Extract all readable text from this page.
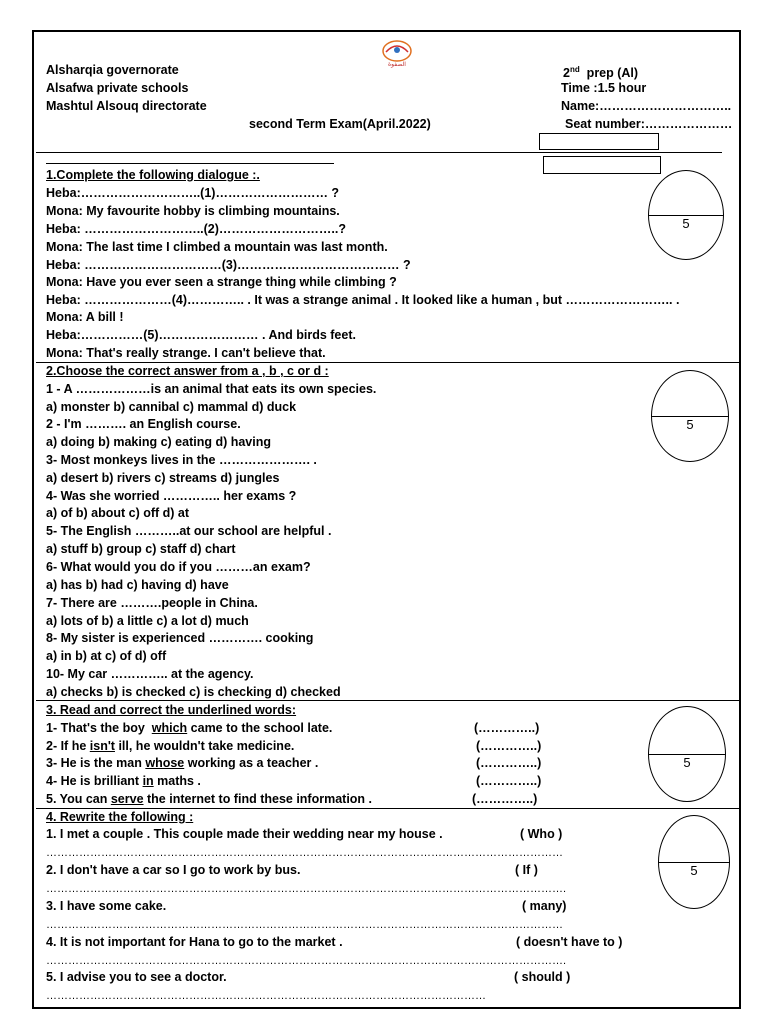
الصفوة
Alsharqia governorate
Alsafwa private schools
Mashtul Alsouq directorate
second Term Exam(April.2022)
2nd  prep (Al)
Time :1.5 hour
Name:…………………………..
Seat number:…………………
1.Complete the following dialogue :.
Heba:………………………..(1)……………………… ?
Mona: My favourite hobby is climbing mountains.
Heba: ………………………..(2)………………………..?
Mona: The last time I climbed a mountain was last month.
Heba: ……………………………(3)………………………………… ?
Mona: Have you ever seen a strange thing while climbing ?
Heba: …………………(4)………….. . It was a strange animal . It looked like a human , but …………………….. .
Mona: A bill !
Heba:……………(5)…………………… . And birds feet.
Mona: That's really strange. I can't believe that.
5
2.Choose the correct answer from a , b , c or d :
1 - A ………………is an animal that eats its own species.
a) monster b) cannibal c) mammal d) duck
2 - I'm ………. an English course.
a) doing b) making c) eating d) having
3- Most monkeys lives in the …………………. .
a) desert b) rivers c) streams d) jungles
4- Was she worried ………….. her exams ?
a) of b) about c) off d) at
5- The English ………..at our school are helpful .
a) stuff b) group c) staff d) chart
6- What would you do if you ………an exam?
a) has b) had c) having d) have
7- There are ……….people in China.
a) lots of b) a little c) a lot d) much
8- My sister is experienced …………. cooking
a) in b) at c) of d) off
10- My car ………….. at the agency.
a) checks b) is checked c) is checking d) checked
5
3. Read and correct the underlined words:
1- That's the boy  which came to the school late.	(…………..)
2- If he isn't ill, he wouldn't take medicine.	(…………..)
3- He is the man whose working as a teacher .	(…………..)
4- He is brilliant in maths .	(…………..)
5. You can serve the internet to find these information .	(…………..)
5
4. Rewrite the following :
1. I met a couple . This couple made their wedding near my house .	( Who )
……………………………………………………………………………………………………………………………
2. I don't have a car so I go to work by bus.	( If )
…………………………………………………………………………………………………………………………….
3. I have some cake.	( many)
……………………………………………………………………………………………………………………………
4. It is not important for Hana to go to the market .	( doesn't have to )
…………………………………………………………………………………………………………………………….
5. I advise you to see a doctor.	( should )
…………………………………………………………………………………………………………
5
